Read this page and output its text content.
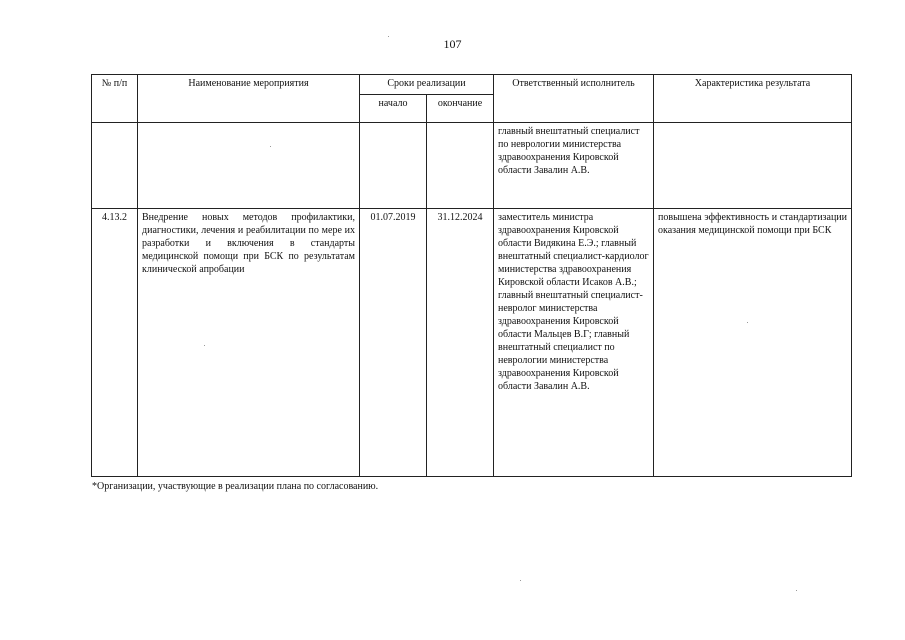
107
№ п/п	Наименование мероприятия	Сроки реализации		Ответственный исполнитель	Характеристика результата
		начало	окончание		
				главный внештатный специалист по неврологии министерства здравоохранения Кировской области Завалин А.В.	
4.13.2	Внедрение новых методов профилактики, диагностики, лечения и реабилитации по мере их разработки и включения в стандарты медицинской помощи при БСК по результатам клинической апробации	01.07.2019	31.12.2024	заместитель министра здравоохранения Кировской области Видякина Е.Э.; главный внештатный специалист-кардиолог министерства здравоохранения Кировской области Исаков А.В.; главный внештатный специалист-невролог министерства здравоохранения Кировской области Мальцев В.Г; главный внештатный специалист по неврологии министерства здравоохранения Кировской области Завалин А.В.	повышена эффективность и стандартизации оказания медицинской помощи при БСК
*Организации, участвующие в реализации плана по согласованию.
